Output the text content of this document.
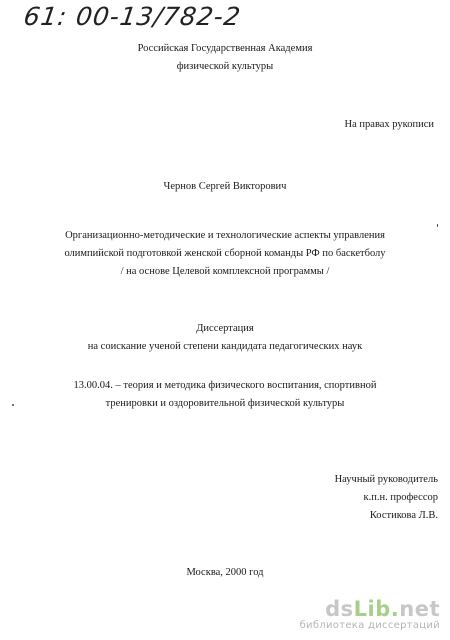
61: 00-13/782-2
Российская Государственная Академия
физической культуры
На правах рукописи
Чернов Сергей Викторович
Организационно-методические и технологические аспекты управления
олимпийской подготовкой женской сборной команды РФ по баскетболу
/ на основе Целевой комплексной программы /
Диссертация
на соискание ученой степени кандидата педагогических наук
13.00.04. – теория и методика физического воспитания, спортивной
тренировки и оздоровительной физической культуры
Научный руководитель
к.п.н. профессор
Костикова Л.В.
Москва, 2000 год
dsLib.net
библиотека диссертаций
